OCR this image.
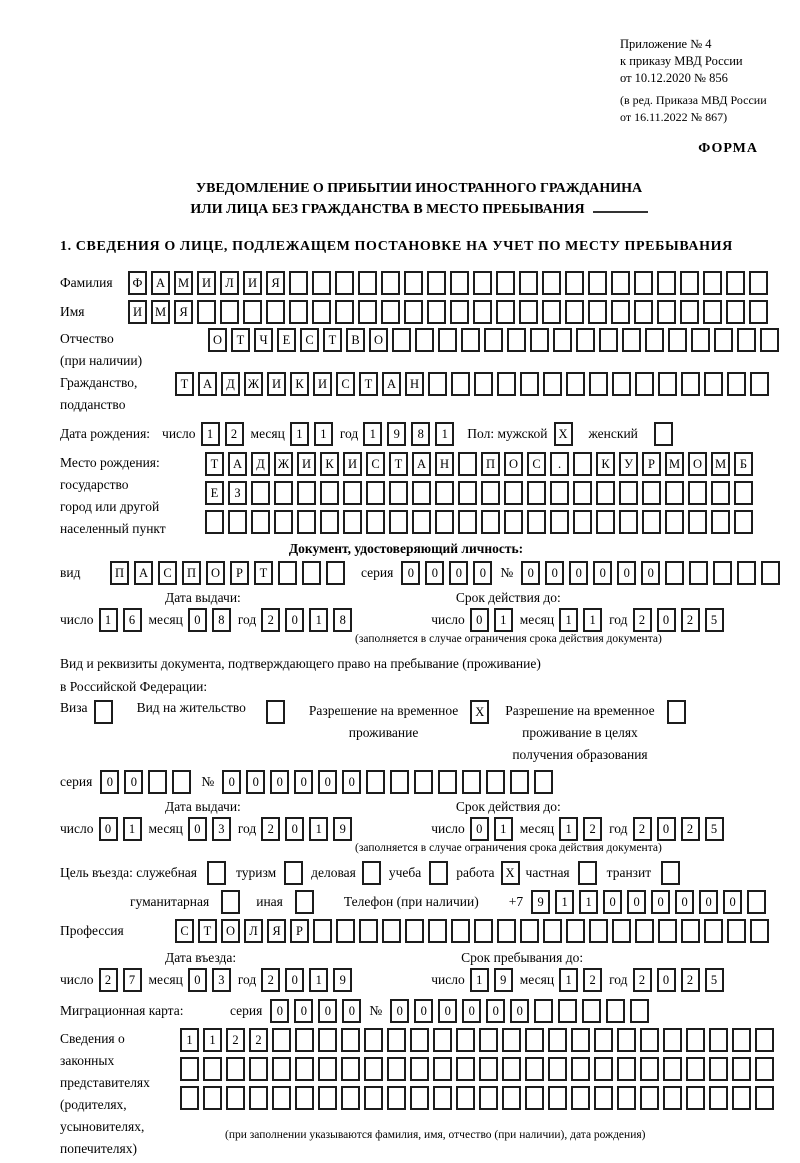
Приложение № 4
к приказу МВД России
от 10.12.2020 № 856
(в ред. Приказа МВД России
от 16.11.2022 № 867)
ФОРМА
УВЕДОМЛЕНИЕ О ПРИБЫТИИ ИНОСТРАННОГО ГРАЖДАНИНА
ИЛИ ЛИЦА БЕЗ ГРАЖДАНСТВА В МЕСТО ПРЕБЫВАНИЯ
1. СВЕДЕНИЯ О ЛИЦЕ, ПОДЛЕЖАЩЕМ ПОСТАНОВКЕ НА УЧЕТ ПО МЕСТУ ПРЕБЫВАНИЯ
Фамилия	Ф	А	М	И	Л	И	Я
Имя	И	М	Я
Отчество
(при наличии)
О	Т	Ч	Е	С	Т	В	О
Гражданство,
подданство
Т	А	Д	Ж	И	К	И	С	Т	А	Н
Дата рождения: число 1	2 месяц 1	1 год 1	9	8	1	Пол: мужской X	женский
Место рождения:
государство
город или другой
населенный пункт
Т	А	Д	Ж	И	К	И	С	Т	А	Н	П	О	С	.	К	У	Р	М	О	М	Б

Е	З

Документ, удостоверяющий личность:
вид	П	А	С	П	О	Р	Т	серия	0	0	0	0	№	0	0	0	0	0	0
Дата выдачи:	Срок действия до:
число 1	6 месяц 0	8 год 2	0	1	8	число 0	1 месяц 1	1 год 2	0	2	5
(заполняется в случае ограничения срока действия документа)
Вид и реквизиты документа, подтверждающего право на пребывание (проживание)
в Российской Федерации:
Виза	Вид на жительство	Разрешение на временное
проживание
X	Разрешение на временное
проживание в целях
получения образования
серия	0	0	№	0	0	0	0	0	0
Дата выдачи:	Срок действия до:
число 0	1 месяц 0	3 год 2	0	1	9	число 0	1 месяц 1	2 год 2	0	2	5
(заполняется в случае ограничения срока действия документа)
Цель въезда: служебная	туризм	деловая учеба	работа X частная	транзит
гуманитарная	иная	Телефон (при наличии) +7	9	1	1	0	0	0	0	0	0
Профессия	С	Т	О	Л	Я	Р
Дата въезда:	Срок пребывания до:
число 2	7 месяц 0	3 год 2	0	1	9	число 1	9 месяц 1	2 год 2	0	2	5
Миграционная карта:	серия	0	0	0	0	№	0	0	0	0	0	0
Сведения о
законных
представителях
(родителях,
усыновителях,
попечителях)
1	1	2	2

(при заполнении указываются фамилия, имя, отчество (при наличии), дата рождения)
